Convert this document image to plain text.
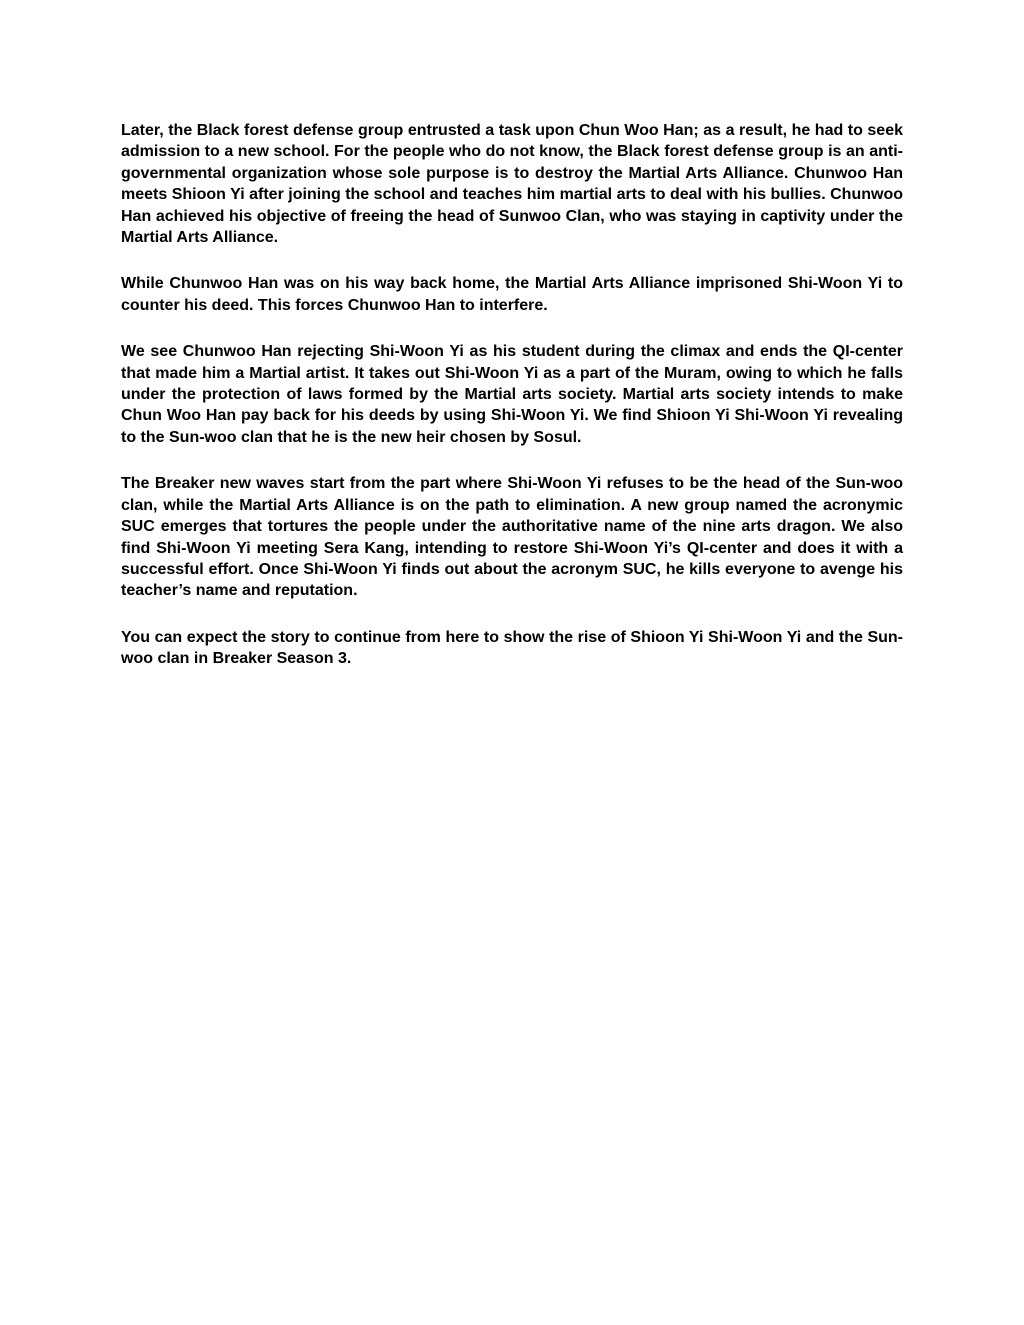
Later, the Black forest defense group entrusted a task upon Chun Woo Han; as a result, he had to seek admission to a new school. For the people who do not know, the Black forest defense group is an anti-governmental organization whose sole purpose is to destroy the Martial Arts Alliance. Chunwoo Han meets Shioon Yi after joining the school and teaches him martial arts to deal with his bullies. Chunwoo Han achieved his objective of freeing the head of Sunwoo Clan, who was staying in captivity under the Martial Arts Alliance.

While Chunwoo Han was on his way back home, the Martial Arts Alliance imprisoned Shi-Woon Yi to counter his deed. This forces Chunwoo Han to interfere.

We see Chunwoo Han rejecting Shi-Woon Yi as his student during the climax and ends the QI-center that made him a Martial artist. It takes out Shi-Woon Yi as a part of the Muram, owing to which he falls under the protection of laws formed by the Martial arts society. Martial arts society intends to make Chun Woo Han pay back for his deeds by using Shi-Woon Yi. We find Shioon Yi Shi-Woon Yi revealing to the Sun-woo clan that he is the new heir chosen by Sosul.

The Breaker new waves start from the part where Shi-Woon Yi refuses to be the head of the Sun-woo clan, while the Martial Arts Alliance is on the path to elimination. A new group named the acronymic SUC emerges that tortures the people under the authoritative name of the nine arts dragon. We also find Shi-Woon Yi meeting Sera Kang, intending to restore Shi-Woon Yi’s QI-center and does it with a successful effort. Once Shi-Woon Yi finds out about the acronym SUC, he kills everyone to avenge his teacher’s name and reputation.

You can expect the story to continue from here to show the rise of Shioon Yi Shi-Woon Yi and the Sun-woo clan in Breaker Season 3.
